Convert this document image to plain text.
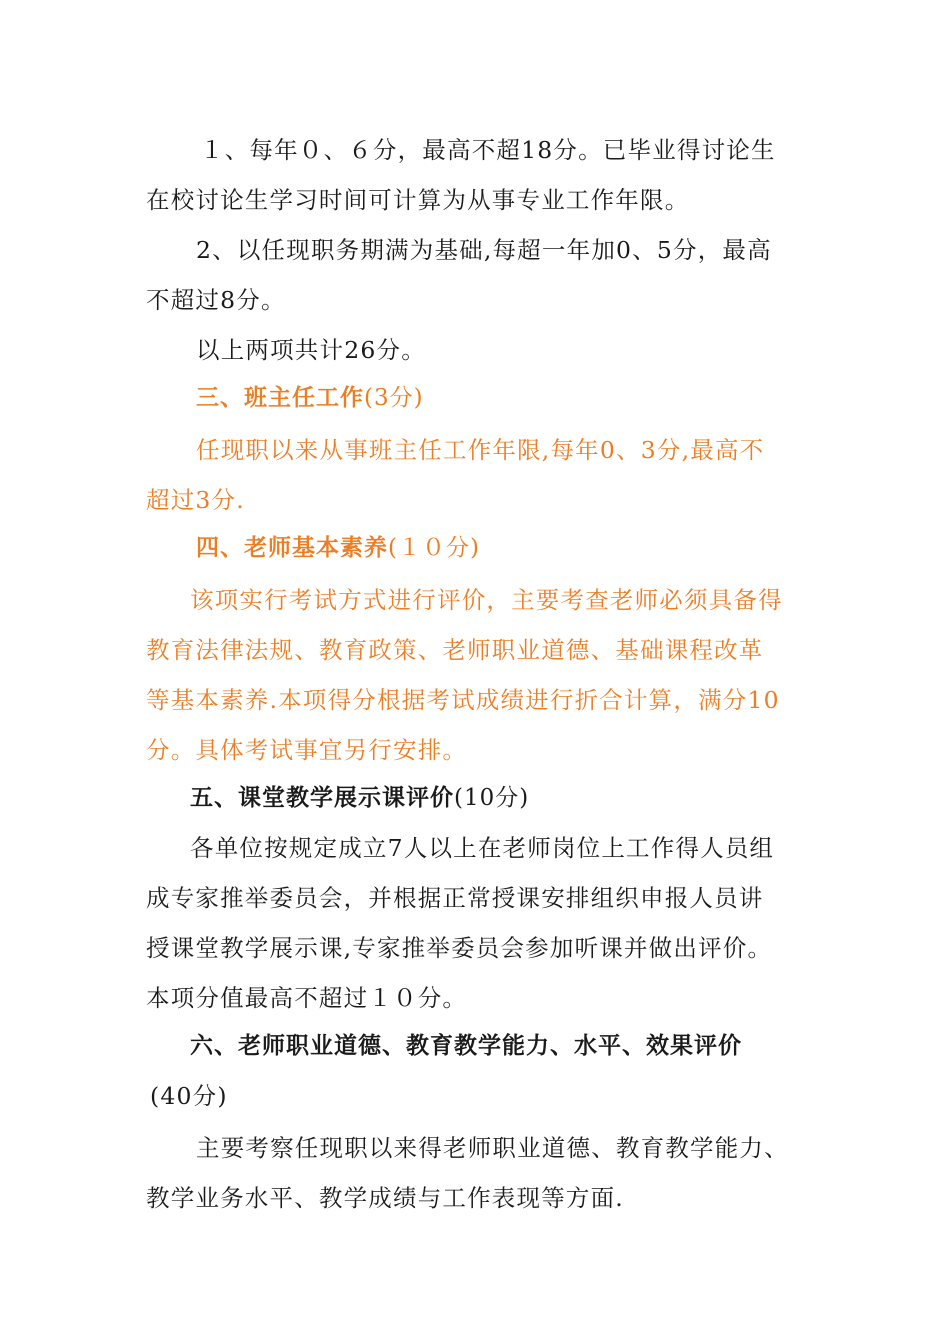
１、每年０、６分，最高不超18分。已毕业得讨论生
在校讨论生学习时间可计算为从事专业工作年限。
2、以任现职务期满为基础,每超一年加0、5分，最高
不超过8分。
以上两项共计26分。
三、班主任工作(3分)
任现职以来从事班主任工作年限,每年0、3分,最高不
超过3分.
四、老师基本素养(１０分)
该项实行考试方式进行评价，主要考查老师必须具备得
教育法律法规、教育政策、老师职业道德、基础课程改革
等基本素养.本项得分根据考试成绩进行折合计算，满分10
分。具体考试事宜另行安排。
五、课堂教学展示课评价(10分)
各单位按规定成立7人以上在老师岗位上工作得人员组
成专家推举委员会，并根据正常授课安排组织申报人员讲
授课堂教学展示课,专家推举委员会参加听课并做出评价。
本项分值最高不超过１０分。
六、老师职业道德、教育教学能力、水平、效果评价
(40分)
主要考察任现职以来得老师职业道德、教育教学能力、
教学业务水平、教学成绩与工作表现等方面.
